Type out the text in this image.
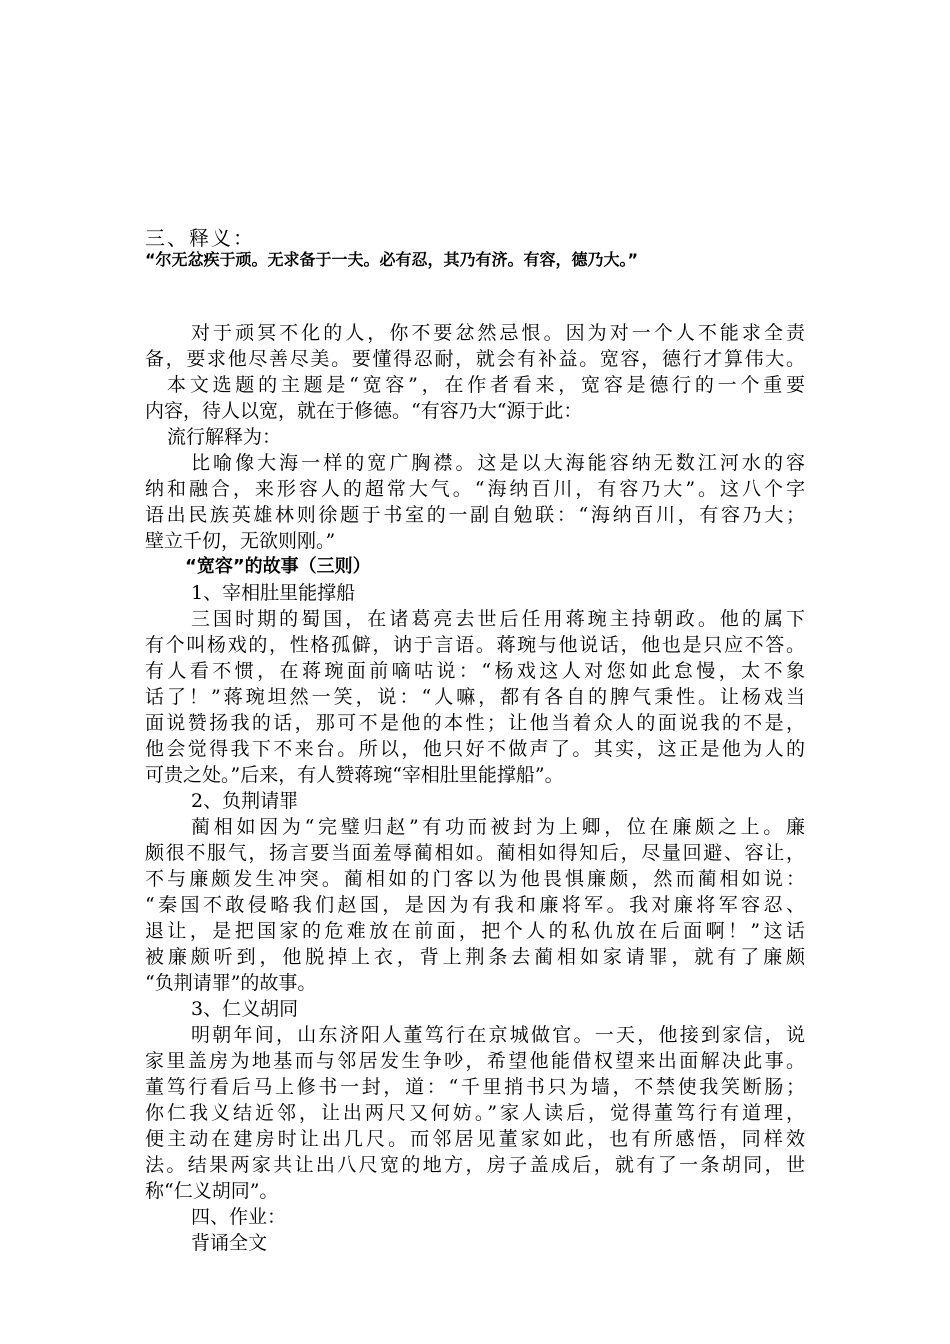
三、释义：

“尔无忿疾于顽。无求备于一夫。必有忍，其乃有济。有容，德乃大。”

对于顽冥不化的人，你不要忿然忌恨。因为对一个人不能求全责
备，要求他尽善尽美。要懂得忍耐，就会有补益。宽容，德行才算伟大。
本文选题的主题是“宽容”，在作者看来，宽容是德行的一个重要
内容，待人以宽，就在于修德。“有容乃大“源于此：
流行解释为：
比喻像大海一样的宽广胸襟。这是以大海能容纳无数江河水的容
纳和融合，来形容人的超常大气。“海纳百川，有容乃大”。这八个字
语出民族英雄林则徐题于书室的一副自勉联：“海纳百川，有容乃大；
壁立千仞，无欲则刚。”
“宽容”的故事（三则）
1、宰相肚里能撑船
三国时期的蜀国，在诸葛亮去世后任用蒋琬主持朝政。他的属下
有个叫杨戏的，性格孤僻，讷于言语。蒋琬与他说话，他也是只应不答。
有人看不惯，在蒋琬面前嘀咕说：“杨戏这人对您如此怠慢，太不象
话了！”蒋琬坦然一笑，说：“人嘛，都有各自的脾气秉性。让杨戏当
面说赞扬我的话，那可不是他的本性；让他当着众人的面说我的不是，
他会觉得我下不来台。所以，他只好不做声了。其实，这正是他为人的
可贵之处。”后来，有人赞蒋琬“宰相肚里能撑船”。
2、负荆请罪
蔺相如因为“完璧归赵”有功而被封为上卿，位在廉颇之上。廉
颇很不服气，扬言要当面羞辱蔺相如。蔺相如得知后，尽量回避、容让，
不与廉颇发生冲突。蔺相如的门客以为他畏惧廉颇，然而蔺相如说：
“秦国不敢侵略我们赵国，是因为有我和廉将军。我对廉将军容忍、
退让，是把国家的危难放在前面，把个人的私仇放在后面啊！”这话
被廉颇听到，他脱掉上衣，背上荆条去蔺相如家请罪，就有了廉颇
“负荆请罪”的故事。
3、仁义胡同
明朝年间，山东济阳人董笃行在京城做官。一天，他接到家信，说
家里盖房为地基而与邻居发生争吵，希望他能借权望来出面解决此事。
董笃行看后马上修书一封，道：“千里捎书只为墙，不禁使我笑断肠；
你仁我义结近邻，让出两尺又何妨。”家人读后，觉得董笃行有道理，
便主动在建房时让出几尺。而邻居见董家如此，也有所感悟，同样效
法。结果两家共让出八尺宽的地方，房子盖成后，就有了一条胡同，世
称“仁义胡同”。
四、作业：
背诵全文
